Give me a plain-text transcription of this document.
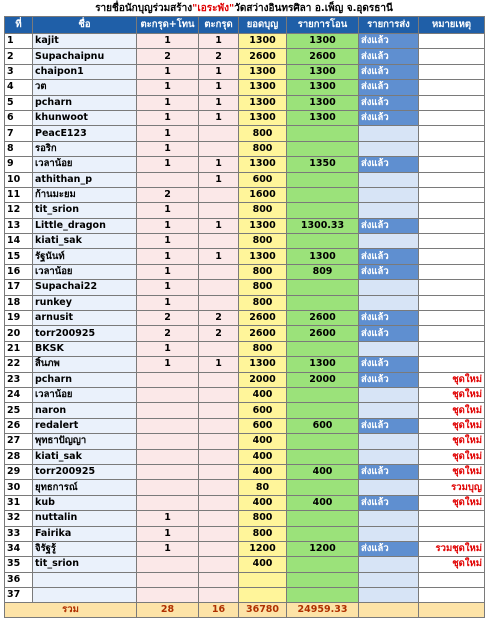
รายชื่อนักบุญร่วมสร้าง"เอระพัง"วัดสว่างอินทรศิลา อ.เพ็ญ จ.อุดรธานี
ที่	ชื่อ	ตะกรุด+โทน	ตะกรุด	ยอดบุญ	รายการโอน	รายการส่ง	หมายเหตุ
1	kajit	1	1	1300	1300	ส่งแล้ว	
2	Supachaipnu	2	2	2600	2600	ส่งแล้ว	
3	chaipon1	1	1	1300	1300	ส่งแล้ว	
4	วต	1	1	1300	1300	ส่งแล้ว	
5	pcharn	1	1	1300	1300	ส่งแล้ว	
6	khunwoot	1	1	1300	1300	ส่งแล้ว	
7	PeacE123	1		800			
8	รอริก	1		800			
9	เวลาน้อย	1	1	1300	1350	ส่งแล้ว	
10	athithan_p		1	600			
11	ก้านมะยม	2		1600			
12	tit_srion	1		800			
13	Little_dragon	1	1	1300	1300.33	ส่งแล้ว	
14	kiati_sak	1		800			
15	รัฐนันท์	1	1	1300	1300	ส่งแล้ว	
16	เวลาน้อย	1		800	809	ส่งแล้ว	
17	Supachai22	1		800			
18	runkey	1		800			
19	arnusit	2	2	2600	2600	ส่งแล้ว	
20	torr200925	2	2	2600	2600	ส่งแล้ว	
21	BKSK	1		800			
22	สิ้นภพ	1	1	1300	1300	ส่งแล้ว	
23	pcharn			2000	2000	ส่งแล้ว	ชุดใหม่
24	เวลาน้อย			400			ชุดใหม่
25	naron			600			ชุดใหม่
26	redalert			600	600	ส่งแล้ว	ชุดใหม่
27	พุทธาปัญญา			400			ชุดใหม่
28	kiati_sak			400			ชุดใหม่
29	torr200925			400	400	ส่งแล้ว	ชุดใหม่
30	ยุทธการณ์			80			รวมบุญ
31	kub			400	400	ส่งแล้ว	ชุดใหม่
32	nuttalin	1		800			
33	Fairika	1		800			
34	จิรัฐรู้	1		1200	1200	ส่งแล้ว	รวมชุดใหม่
35	tit_srion			400			ชุดใหม่
36							
37							
รวม		28	16	36780	24959.33		
